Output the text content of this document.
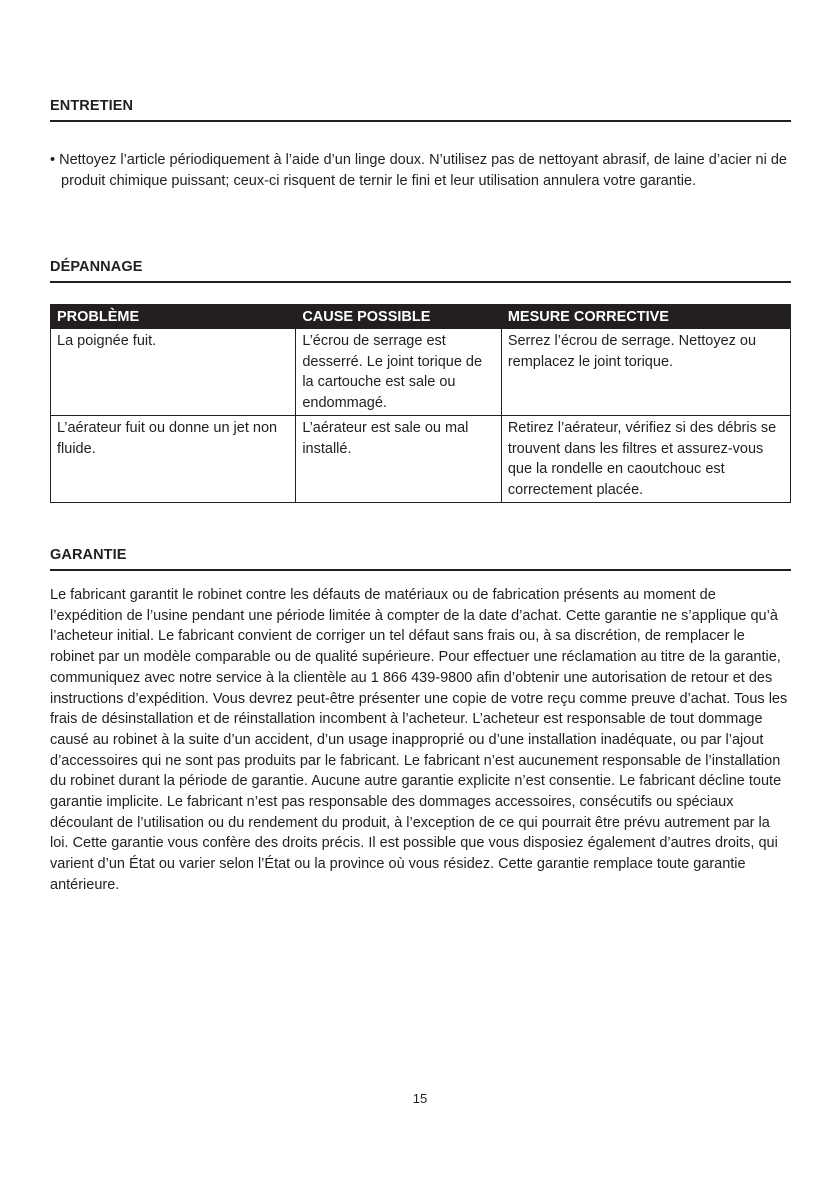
ENTRETIEN
• Nettoyez l’article périodiquement à l’aide d’un linge doux. N’utilisez pas de nettoyant abrasif, de laine d’acier ni de produit chimique puissant; ceux-ci risquent de ternir le fini et leur utilisation annulera votre garantie.
DÉPANNAGE
PROBLÈME	CAUSE POSSIBLE	MESURE CORRECTIVE
La poignée fuit.	L’écrou de serrage est desserré. Le joint torique de la cartouche est sale ou endommagé.	Serrez l’écrou de serrage. Nettoyez ou remplacez le joint torique.
L’aérateur fuit ou donne un jet non fluide.	L’aérateur est sale ou mal installé.	Retirez l’aérateur, vérifiez si des débris se trouvent dans les filtres et assurez-vous que la rondelle en caoutchouc est correctement placée.
GARANTIE
Le fabricant garantit le robinet contre les défauts de matériaux ou de fabrication présents au moment de l’expédition de l’usine pendant une période limitée à compter de la date d’achat. Cette garantie ne s’applique qu’à l’acheteur initial. Le fabricant convient de corriger un tel défaut sans frais ou, à sa discrétion, de remplacer le robinet par un modèle comparable ou de qualité supérieure. Pour effectuer une réclamation au titre de la garantie, communiquez avec notre service à la clientèle au 1 866 439-9800 afin d’obtenir une autorisation de retour et des instructions d’expédition. Vous devrez peut-être présenter une copie de votre reçu comme preuve d’achat. Tous les frais de désinstallation et de réinstallation incombent à l’acheteur. L’acheteur est responsable de tout dommage causé au robinet à la suite d’un accident, d’un usage inapproprié ou d’une installation inadéquate, ou par l’ajout d’accessoires qui ne sont pas produits par le fabricant. Le fabricant n’est aucunement responsable de l’installation du robinet durant la période de garantie. Aucune autre garantie explicite n’est consentie. Le fabricant décline toute garantie implicite. Le fabricant n’est pas responsable des dommages accessoires, consécutifs ou spéciaux découlant de l’utilisation ou du rendement du produit, à l’exception de ce qui pourrait être prévu autrement par la loi. Cette garantie vous confère des droits précis. Il est possible que vous disposiez également d’autres droits, qui varient d’un État ou varier selon l’État ou la province où vous résidez. Cette garantie remplace toute garantie antérieure.
15
